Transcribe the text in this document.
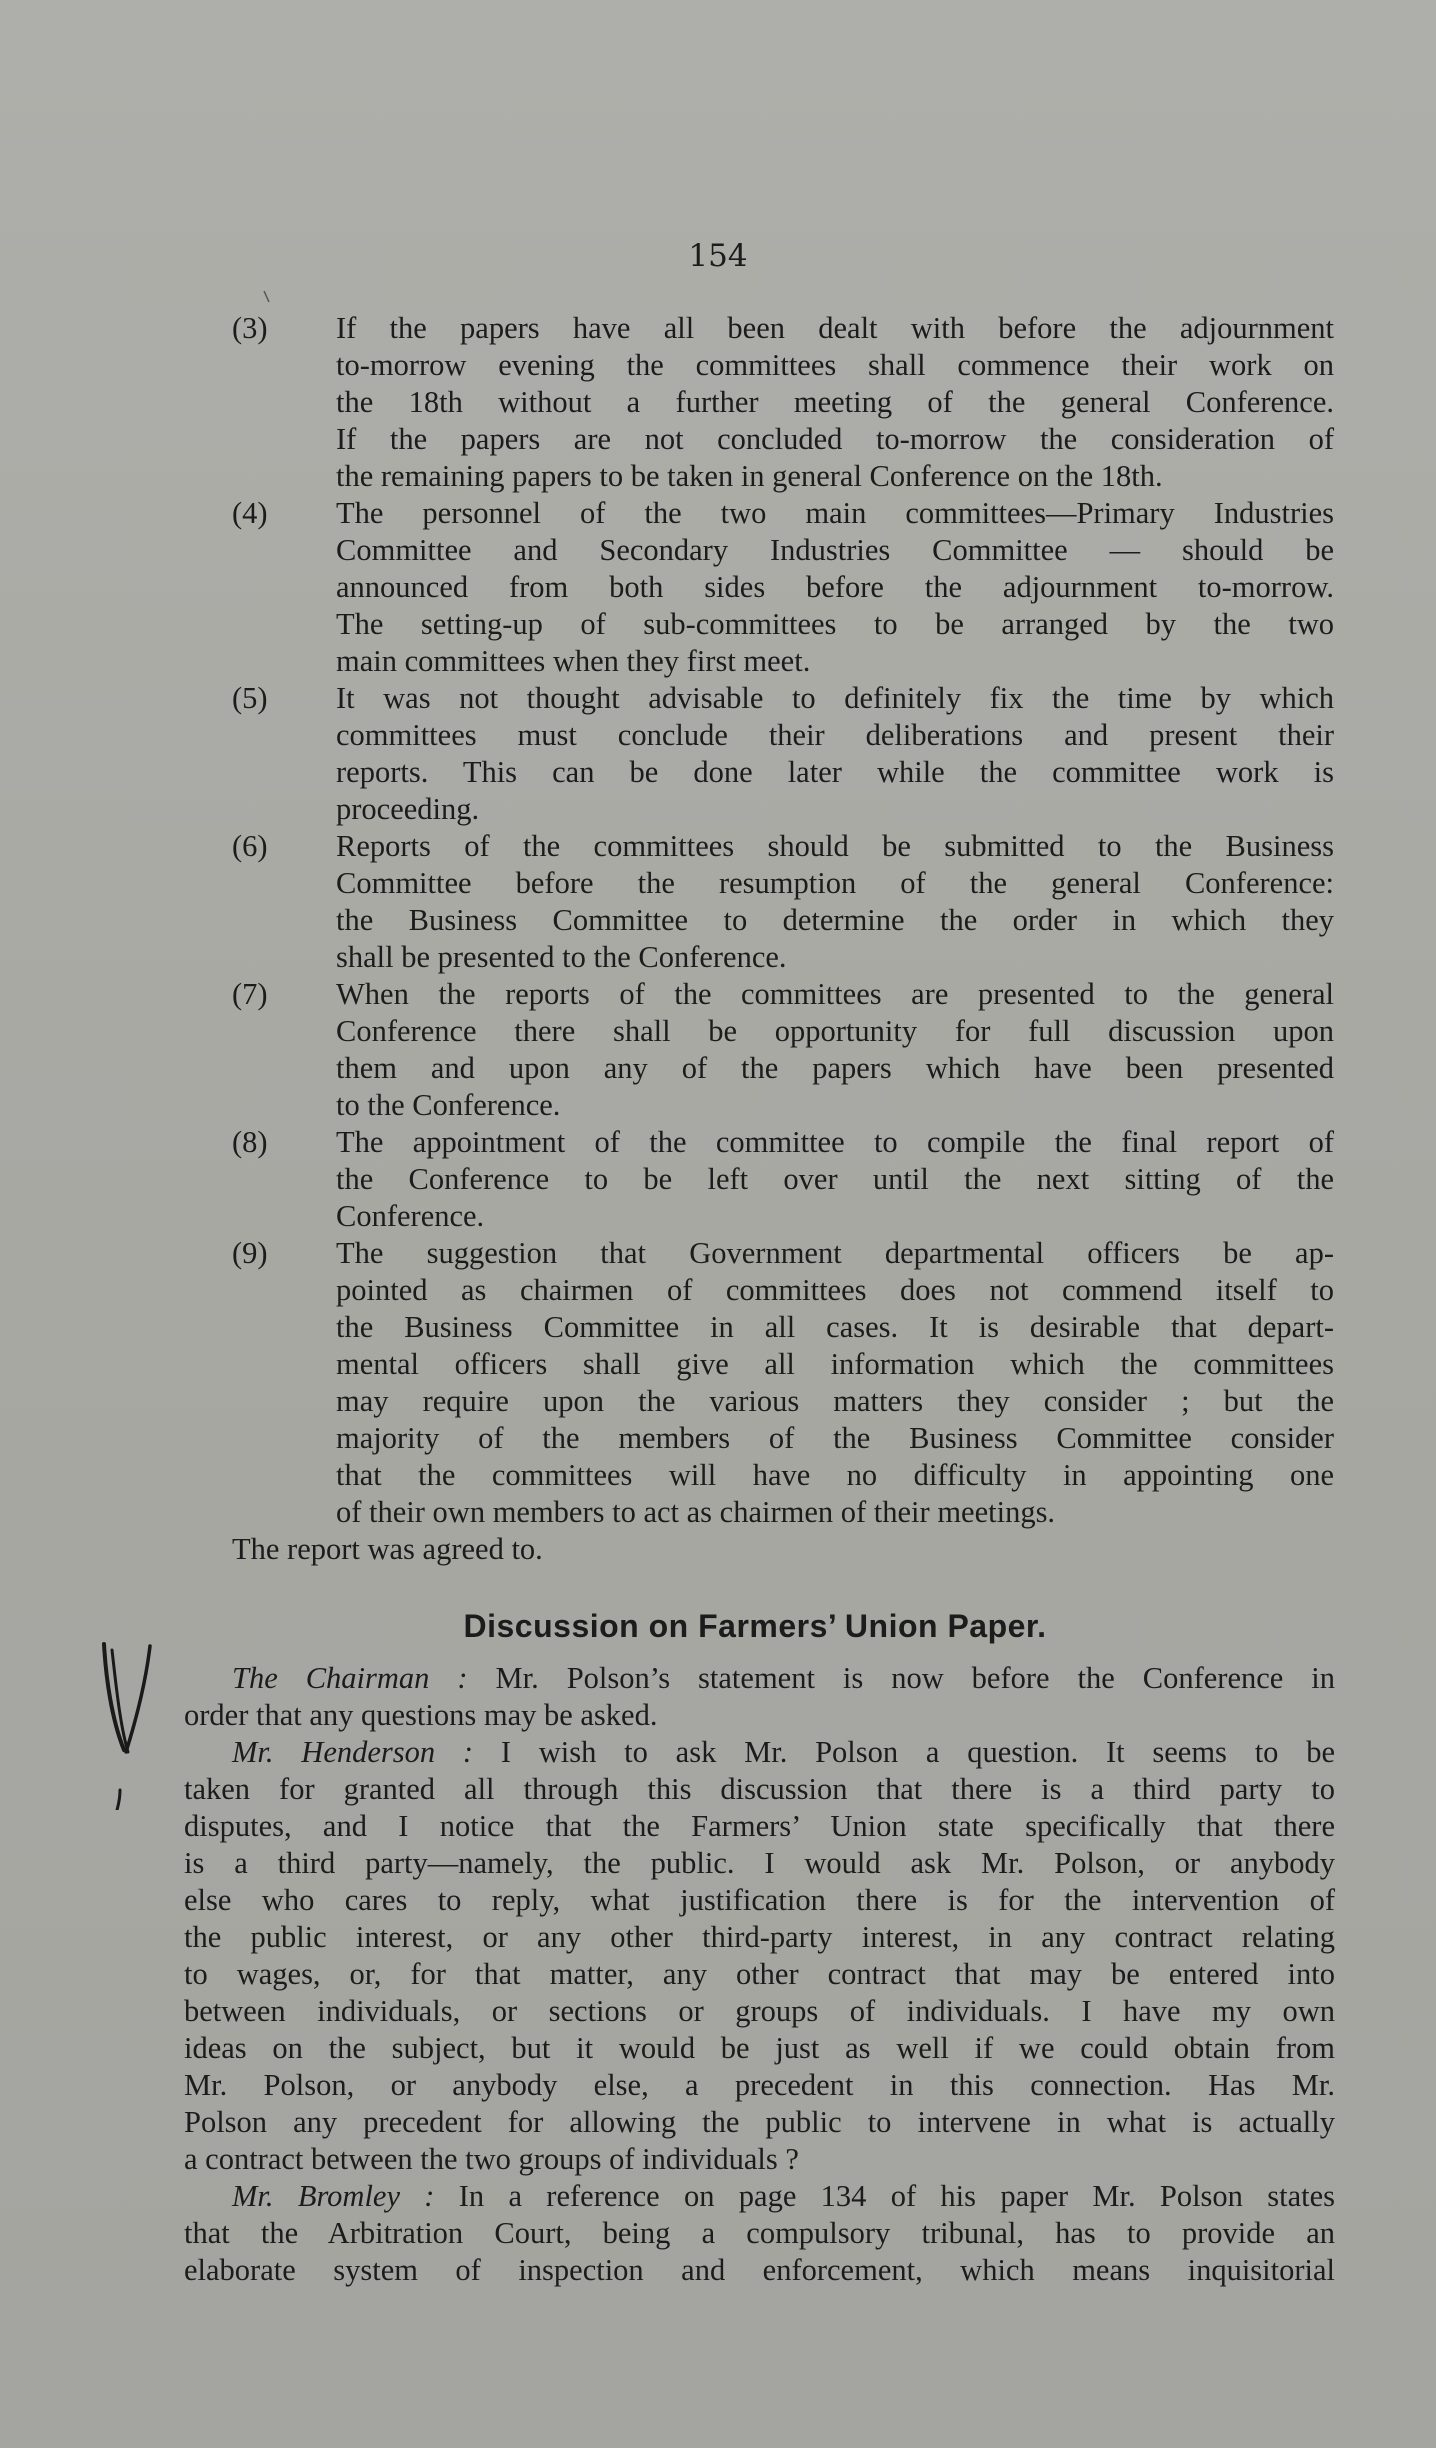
154
(3) If the papers have all been dealt with before the adjournment
to-morrow evening the committees shall commence their work on
the 18th without a further meeting of the general Conference.
If the papers are not concluded to-morrow the consideration of
the remaining papers to be taken in general Conference on the 18th.
(4) The personnel of the two main committees—Primary Industries
Committee and Secondary Industries Committee — should be
announced from both sides before the adjournment to-morrow.
The setting-up of sub-committees to be arranged by the two
main committees when they first meet.
(5) It was not thought advisable to definitely fix the time by which
committees must conclude their deliberations and present their
reports. This can be done later while the committee work is
proceeding.
(6) Reports of the committees should be submitted to the Business
Committee before the resumption of the general Conference:
the Business Committee to determine the order in which they
shall be presented to the Conference.
(7) When the reports of the committees are presented to the general
Conference there shall be opportunity for full discussion upon
them and upon any of the papers which have been presented
to the Conference.
(8) The appointment of the committee to compile the final report of
the Conference to be left over until the next sitting of the
Conference.
(9) The suggestion that Government departmental officers be ap-
pointed as chairmen of committees does not commend itself to
the Business Committee in all cases. It is desirable that depart-
mental officers shall give all information which the committees
may require upon the various matters they consider ; but the
majority of the members of the Business Committee consider
that the committees will have no difficulty in appointing one
of their own members to act as chairmen of their meetings.
The report was agreed to.
Discussion on Farmers’ Union Paper.
The Chairman : Mr. Polson’s statement is now before the Conference in
order that any questions may be asked.
Mr. Henderson : I wish to ask Mr. Polson a question. It seems to be
taken for granted all through this discussion that there is a third party to
disputes, and I notice that the Farmers’ Union state specifically that there
is a third party—namely, the public. I would ask Mr. Polson, or anybody
else who cares to reply, what justification there is for the intervention of
the public interest, or any other third-party interest, in any contract relating
to wages, or, for that matter, any other contract that may be entered into
between individuals, or sections or groups of individuals. I have my own
ideas on the subject, but it would be just as well if we could obtain from
Mr. Polson, or anybody else, a precedent in this connection. Has Mr.
Polson any precedent for allowing the public to intervene in what is actually
a contract between the two groups of individuals ?
Mr. Bromley : In a reference on page 134 of his paper Mr. Polson states
that the Arbitration Court, being a compulsory tribunal, has to provide an
elaborate system of inspection and enforcement, which means inquisitorial
